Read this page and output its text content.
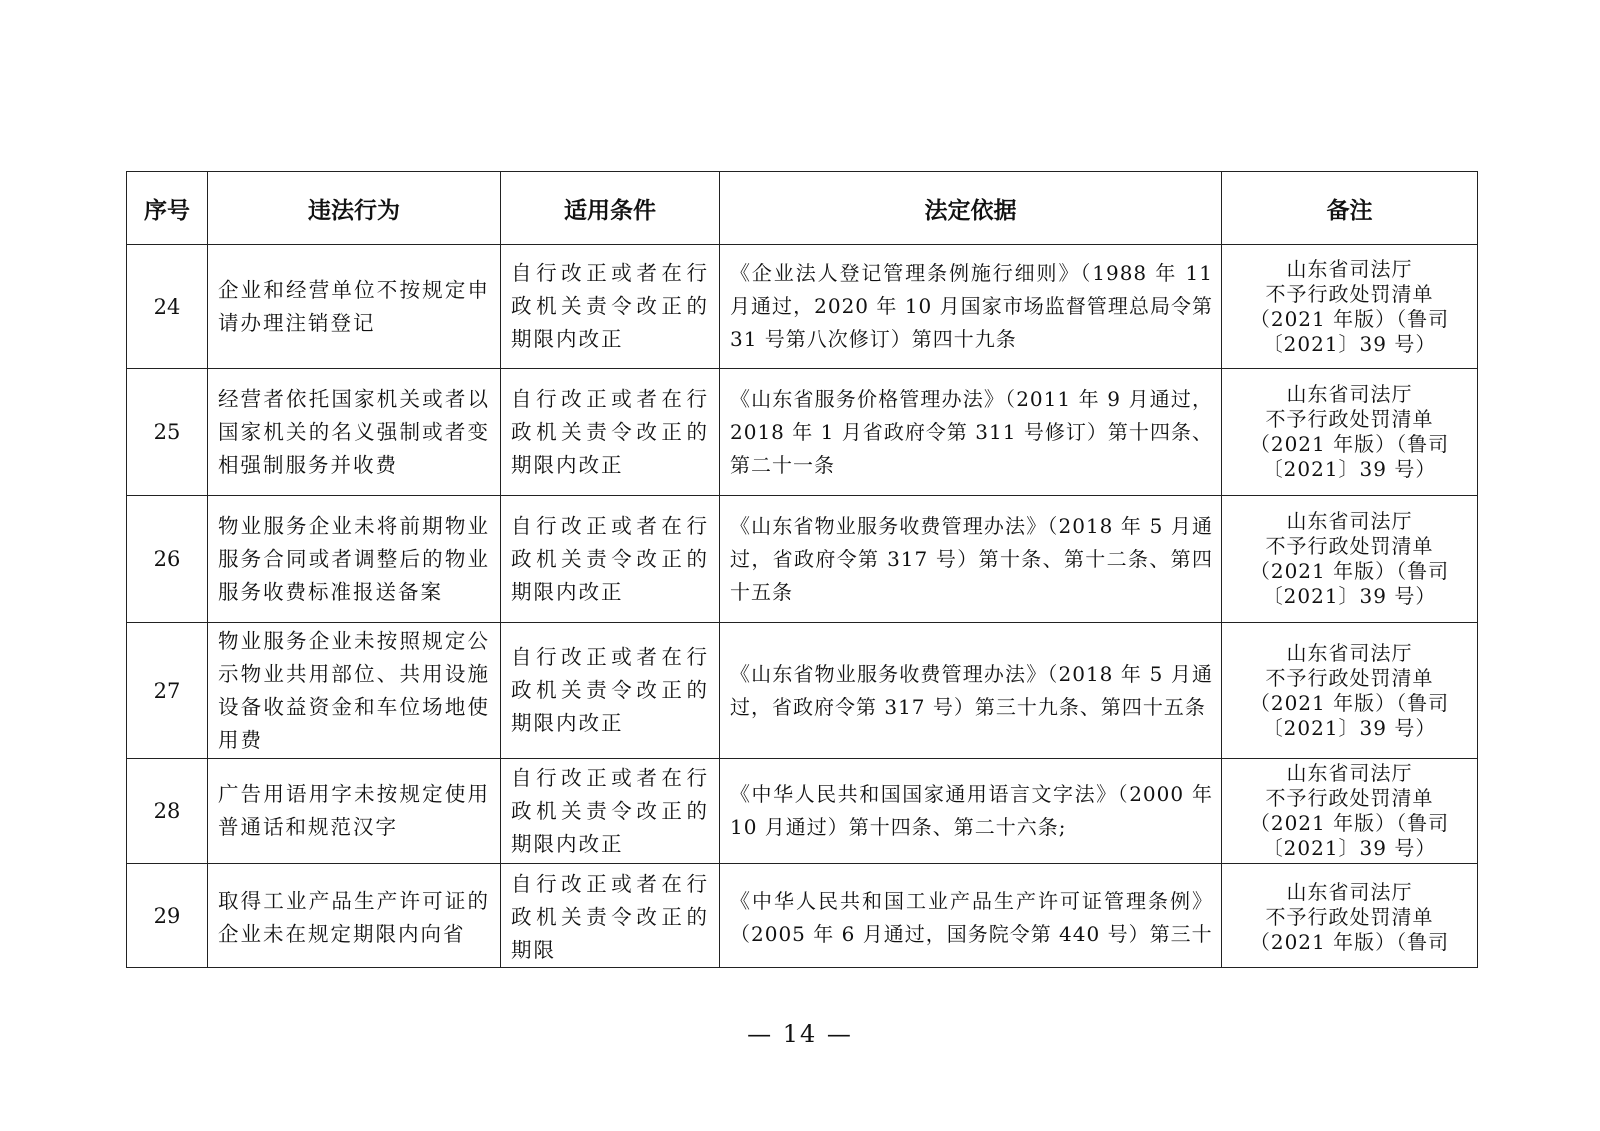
序号	违法行为	适用条件	法定依据	备注
24	企业和经营单位不按规定申请办理注销登记	自行改正或者在行政机关责令改正的期限内改正	《企业法人登记管理条例施行细则》（1988 年 11 月通过，2020 年 10 月国家市场监督管理总局令第 31 号第八次修订）第四十九条	山东省司法厅
不予行政处罚清单
（2021 年版）（鲁司
〔2021〕39 号）

25	经营者依托国家机关或者以国家机关的名义强制或者变相强制服务并收费	自行改正或者在行政机关责令改正的期限内改正	《山东省服务价格管理办法》（2011 年 9 月通过，2018 年 1 月省政府令第 311 号修订）第十四条、第二十一条	山东省司法厅
不予行政处罚清单
（2021 年版）（鲁司
〔2021〕39 号）

26	物业服务企业未将前期物业服务合同或者调整后的物业服务收费标准报送备案	自行改正或者在行政机关责令改正的期限内改正	《山东省物业服务收费管理办法》（2018 年 5 月通过，省政府令第 317 号）第十条、第十二条、第四十五条	山东省司法厅
不予行政处罚清单
（2021 年版）（鲁司
〔2021〕39 号）

27	物业服务企业未按照规定公示物业共用部位、共用设施设备收益资金和车位场地使用费	自行改正或者在行政机关责令改正的期限内改正	《山东省物业服务收费管理办法》（2018 年 5 月通过，省政府令第 317 号）第三十九条、第四十五条	山东省司法厅
不予行政处罚清单
（2021 年版）（鲁司
〔2021〕39 号）

28	广告用语用字未按规定使用普通话和规范汉字	自行改正或者在行政机关责令改正的期限内改正	《中华人民共和国国家通用语言文字法》（2000 年 10 月通过）第十四条、第二十六条;	山东省司法厅
不予行政处罚清单
（2021 年版）（鲁司
〔2021〕39 号）

29	取得工业产品生产许可证的企业未在规定期限内向省	自行改正或者在行政机关责令改正的期限	《中华人民共和国工业产品生产许可证管理条例》（2005 年 6 月通过，国务院令第 440 号）第三十	山东省司法厅
不予行政处罚清单
（2021 年版）（鲁司
— 14 —
